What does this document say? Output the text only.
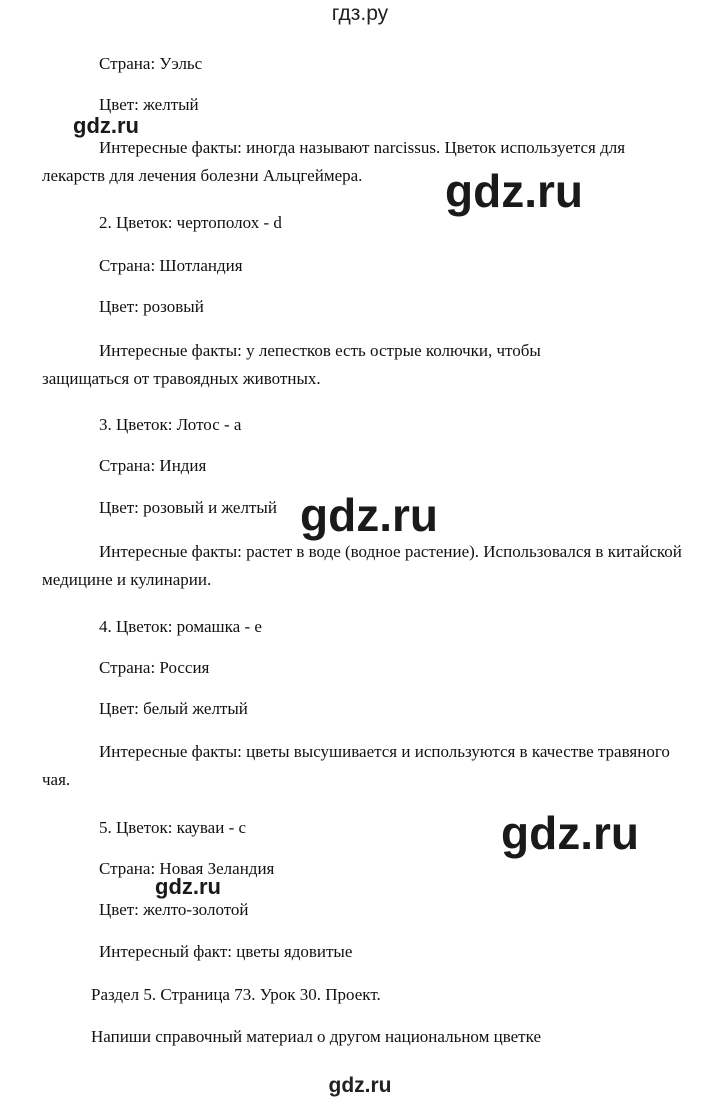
гдз.ру
Страна: Уэльс
Цвет: желтый
Интересные факты: иногда называют narcissus. Цветок используется для лекарств для лечения болезни Альцгеймера.
2. Цветок: чертополох - d
Страна: Шотландия
Цвет: розовый
Интересные факты: у лепестков есть острые колючки, чтобы защищаться от травоядных животных.
3. Цветок: Лотос - a
Страна: Индия
Цвет: розовый и желтый
Интересные факты: растет в воде (водное растение). Использовался в китайской медицине и кулинарии.
4. Цветок: ромашка - e
Страна: Россия
Цвет: белый желтый
Интересные факты: цветы высушивается и используются в качестве травяного чая.
5. Цветок: кауваи - c
Страна: Новая Зеландия
Цвет: желто-золотой
Интересный факт: цветы ядовитые
Раздел 5. Страница 73. Урок 30. Проект.
Напиши справочный материал о другом национальном цветке
gdz.ru
gdz.ru
gdz.ru
gdz.ru
gdz.ru
gdz.ru
